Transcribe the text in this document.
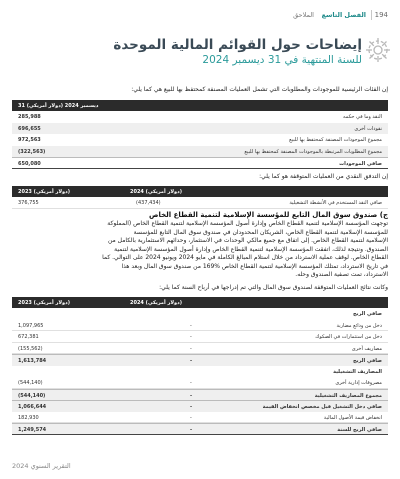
الملاحق الفصل التاسع 194
إيضاحات حول القوائم المالية الموحدة
للسنة المنتهية في 31 ديسمبر 2024
إن الفئات الرئيسية للموجودات والمطلوبات التي تشمل العمليات المصنفة كمحتفظ بها للبيع هي كما يلي:
31 ديسمبر 2024 (دولار أمريكي)
النقد وما في حكمه
285,988
نقودات أخرى
696,655
مجموع الموجودات المصنفة كمحتفظ بها للبيع
972,563
مجموع المطلوبات المرتبطة بالموجودات المصنفة كمحتفظ بها للبيع
(322,563)
صافي الموجودات
650,080
إن التدفق النقدي من العمليات المتوقفة هو كما يلي:
2023 (دولار أمريكي)	2024 (دولار أمريكي)
صافي النقد المستخدم في الأنشطة التشغيلية
376,755	(437,434)
ج) صندوق سوق المال التابع للمؤسسة الإسلامية لتنمية القطاع الخاص
توجهت المؤسسة الإسلامية لتنمية القطاع الخاص وإدارة أصول المؤسسة الإسلامية لتنمية القطاع الخاص (المملوكة
للمؤسسة الإسلامية لتنمية القطاع الخاص، الشريكان المحدودان في صندوق سوق المال التابع للمؤسسة
الإسلامية لتنمية القطاع الخاص. إلى اتفاق مع جميع مالكي الوحدات في الاستثمار، وحدائهم الاستثمارية بالكامل من
الصندوق. ونتيجة لذلك، اتفقت المؤسسة الإسلامية لتنمية القطاع الخاص وإدارة أصول المؤسسة الإسلامية لتنمية
القطاع الخاص. لوقف عملية الاسترداد من خلال استلام المبالغ الكاملة في مايو 2024 ويونيو 2024 على التوالي. كما
في تاريخ الاسترداد، تمتلك المؤسسة الإسلامية لتنمية القطاع الخاص %169 من صندوق سوق المال وبعد هذا
الاسترداد، تمت تصفية الصندوق وحله.
وكانت نتائج العمليات المتوقفة لصندوق سوق المال والتي تم إدراجها في أرباح السنة كما يلي:
2023 (دولار أمريكي)	2024 (دولار أمريكي)
صافي الربح
دخل من ودائع مضاربة
1,097,965	-
دخل من استثمارات في الصكوك
672,381	-
مصاريف أخرى
(155,562)	-
صافي الربح
1,613,784	-
المصاريف التشغيلية
مصروفات إدارية أخرى
(544,140)	-
مجموع المصاريف التشغيلية
(544,140)	-
صافي دخل التشغيل قبل مخصص انخفاض القيمة
1,066,644	-
انخفاض قيمة الأصول المالية
182,930	-
صافي الربح للسنة
1,249,574	-
التقرير السنوي 2024
